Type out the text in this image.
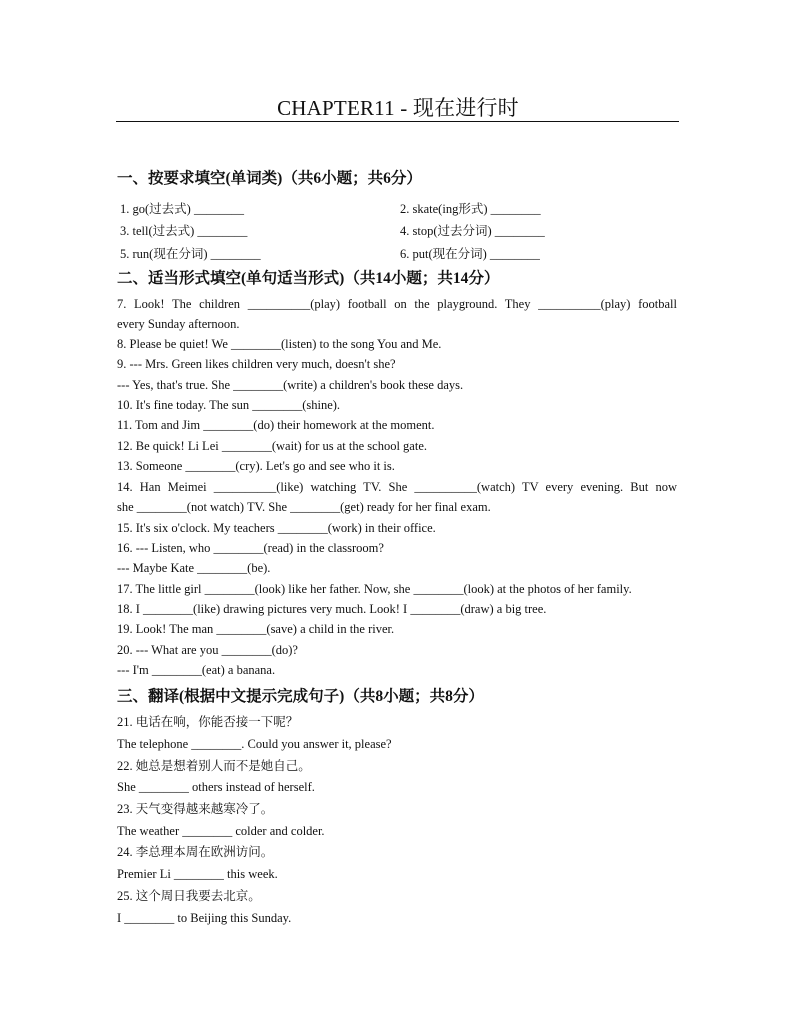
CHAPTER11 - 现在进行时
一、按要求填空(单词类)（共6小题；共6分）
1. go(过去式) ________	2. skate(ing形式) ________
3. tell(过去式) ________	4. stop(过去分词) ________
5. run(现在分词) ________	6. put(现在分词) ________
二、适当形式填空(单句适当形式)（共14小题；共14分）
7. Look! The children __________(play) football on the playground. They __________(play) football
every Sunday afternoon.
8. Please be quiet! We ________(listen) to the song You and Me.
9. --- Mrs. Green likes children very much, doesn't she?
--- Yes, that's true. She ________(write) a children's book these days.
10. It's fine today. The sun ________(shine).
11. Tom and Jim ________(do) their homework at the moment.
12. Be quick! Li Lei ________(wait) for us at the school gate.
13. Someone ________(cry). Let's go and see who it is.
14. Han Meimei __________(like) watching TV. She __________(watch) TV every evening. But now
she ________(not watch) TV. She ________(get) ready for her final exam.
15. It's six o'clock. My teachers ________(work) in their office.
16. --- Listen, who ________(read) in the classroom?
--- Maybe Kate ________(be).
17. The little girl ________(look) like her father. Now, she ________(look) at the photos of her family.
18. I ________(like) drawing pictures very much. Look! I ________(draw) a big tree.
19. Look! The man ________(save) a child in the river.
20. --- What are you ________(do)?
--- I'm ________(eat) a banana.
三、翻译(根据中文提示完成句子)（共8小题；共8分）
21. 电话在响，你能否接一下呢？
The telephone ________. Could you answer it, please?
22. 她总是想着别人而不是她自己。
She ________ others instead of herself.
23. 天气变得越来越寒冷了。
The weather ________ colder and colder.
24. 李总理本周在欧洲访问。
Premier Li ________ this week.
25. 这个周日我要去北京。
I ________ to Beijing this Sunday.
